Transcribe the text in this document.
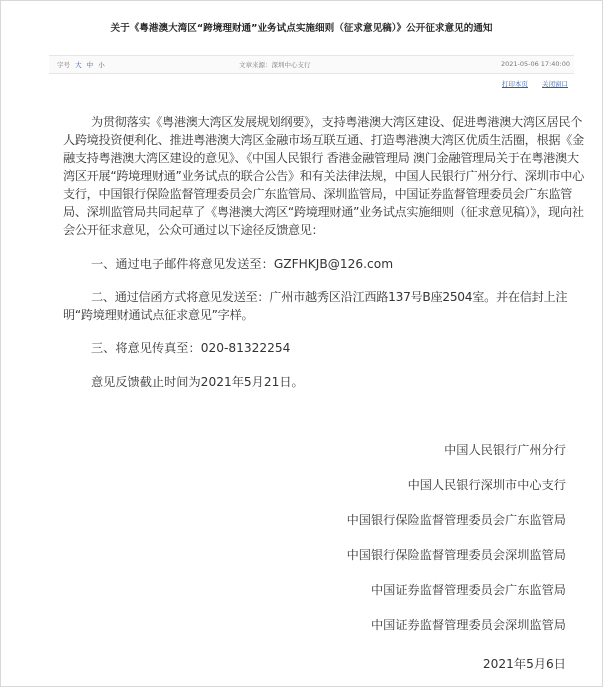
关于《粤港澳大湾区“跨境理财通”业务试点实施细则（征求意见稿）》公开征求意见的通知
字号 大 中 小	文章来源：深圳中心支行	2021-05-06 17:40:00
打印本页 关闭窗口

为贯彻落实《粤港澳大湾区发展规划纲要》，支持粤港澳大湾区建设、促进粤港澳大湾区居民个人跨境投资便利化、推进粤港澳大湾区金融市场互联互通、打造粤港澳大湾区优质生活圈，根据《金融支持粤港澳大湾区建设的意见》、《中国人民银行 香港金融管理局 澳门金融管理局关于在粤港澳大湾区开展“跨境理财通”业务试点的联合公告》和有关法律法规，中国人民银行广州分行、深圳市中心支行，中国银行保险监督管理委员会广东监管局、深圳监管局，中国证券监督管理委员会广东监管局、深圳监管局共同起草了《粤港澳大湾区“跨境理财通”业务试点实施细则（征求意见稿）》，现向社会公开征求意见，公众可通过以下途径反馈意见：

一、通过电子邮件将意见发送至：GZFHKJB@126.com

二、通过信函方式将意见发送至：广州市越秀区沿江西路137号B座2504室。并在信封上注明“跨境理财通试点征求意见”字样。

三、将意见传真至：020-81322254

意见反馈截止时间为2021年5月21日。

中国人民银行广州分行
中国人民银行深圳市中心支行
中国银行保险监督管理委员会广东监管局
中国银行保险监督管理委员会深圳监管局
中国证券监督管理委员会广东监管局
中国证券监督管理委员会深圳监管局
2021年5月6日
